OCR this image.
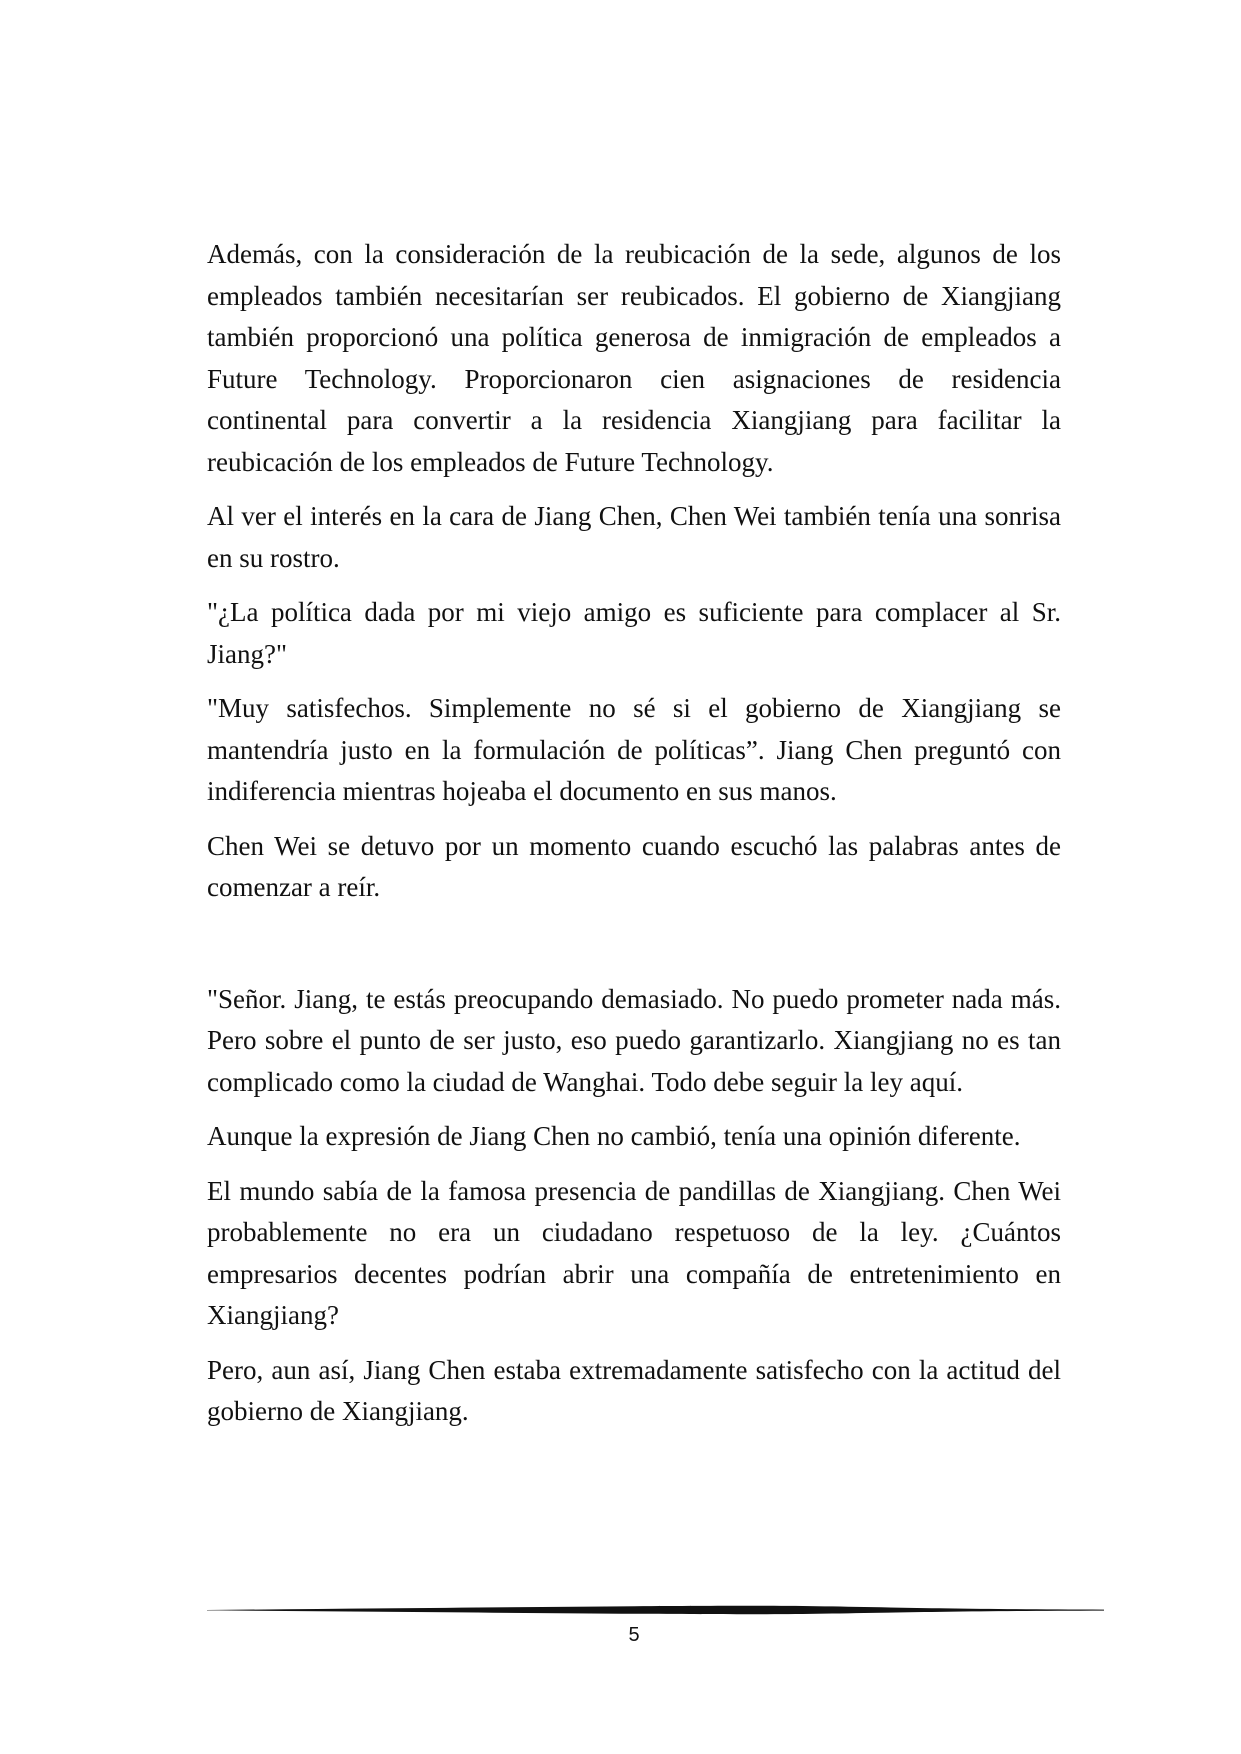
Además, con la consideración de la reubicación de la sede, algunos de los empleados también necesitarían ser reubicados. El gobierno de Xiangjiang también proporcionó una política generosa de inmigración de empleados a Future Technology. Proporcionaron cien asignaciones de residencia continental para convertir a la residencia Xiangjiang para facilitar la reubicación de los empleados de Future Technology.

Al ver el interés en la cara de Jiang Chen, Chen Wei también tenía una sonrisa en su rostro.

"¿La política dada por mi viejo amigo es suficiente para complacer al Sr. Jiang?"

"Muy satisfechos. Simplemente no sé si el gobierno de Xiangjiang se mantendría justo en la formulación de políticas”. Jiang Chen preguntó con indiferencia mientras hojeaba el documento en sus manos.

Chen Wei se detuvo por un momento cuando escuchó las palabras antes de comenzar a reír.

"Señor. Jiang, te estás preocupando demasiado. No puedo prometer nada más. Pero sobre el punto de ser justo, eso puedo garantizarlo. Xiangjiang no es tan complicado como la ciudad de Wanghai. Todo debe seguir la ley aquí.

Aunque la expresión de Jiang Chen no cambió, tenía una opinión diferente.

El mundo sabía de la famosa presencia de pandillas de Xiangjiang. Chen Wei probablemente no era un ciudadano respetuoso de la ley. ¿Cuántos empresarios decentes podrían abrir una compañía de entretenimiento en Xiangjiang?

Pero, aun así, Jiang Chen estaba extremadamente satisfecho con la actitud del gobierno de Xiangjiang.

5
